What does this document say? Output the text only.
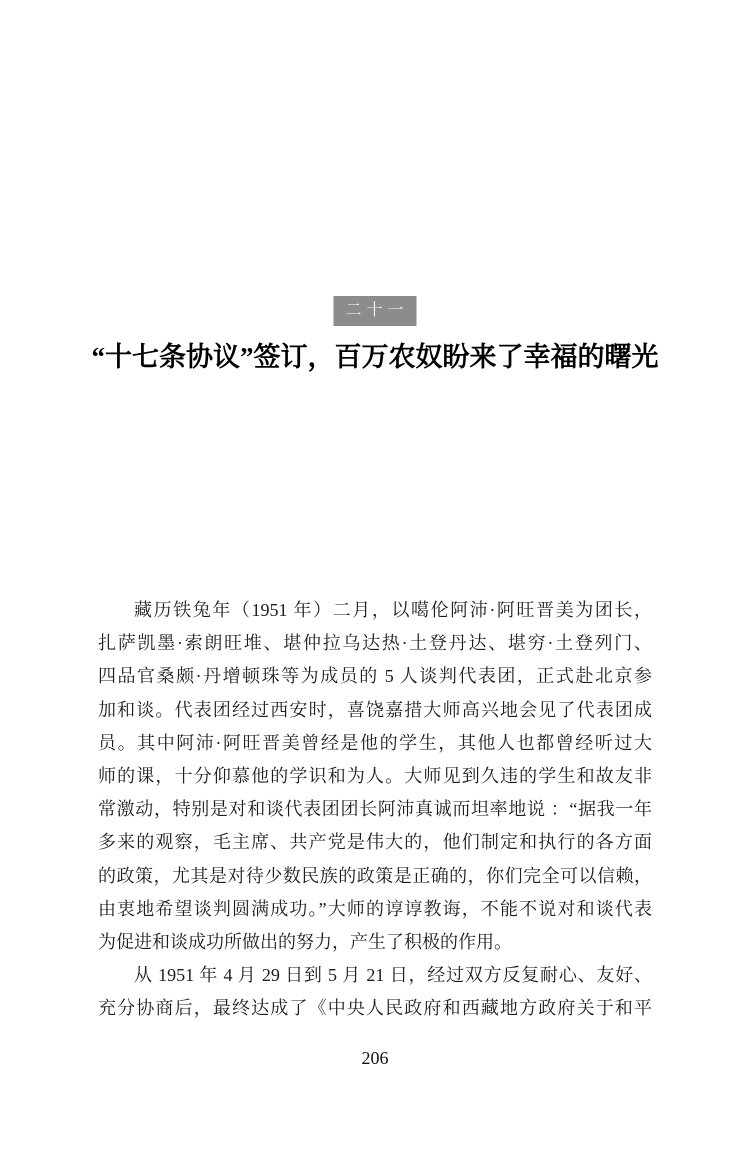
二十一
“十七条协议”签订，百万农奴盼来了幸福的曙光
藏历铁兔年（1951 年）二月，以噶伦阿沛·阿旺晋美为团长，
扎萨凯墨·索朗旺堆、堪仲拉乌达热·土登丹达、堪穷·土登列门、
四品官桑颇·丹增顿珠等为成员的 5 人谈判代表团，正式赴北京参
加和谈。代表团经过西安时，喜饶嘉措大师高兴地会见了代表团成
员。其中阿沛·阿旺晋美曾经是他的学生，其他人也都曾经听过大
师的课，十分仰慕他的学识和为人。大师见到久违的学生和故友非
常激动，特别是对和谈代表团团长阿沛真诚而坦率地说 ：“据我一年
多来的观察，毛主席、共产党是伟大的，他们制定和执行的各方面
的政策，尤其是对待少数民族的政策是正确的，你们完全可以信赖，
由衷地希望谈判圆满成功。”大师的谆谆教诲，不能不说对和谈代表
为促进和谈成功所做出的努力，产生了积极的作用。
从 1951 年 4 月 29 日到 5 月 21 日，经过双方反复耐心、友好、
充分协商后，最终达成了《中央人民政府和西藏地方政府关于和平
206
